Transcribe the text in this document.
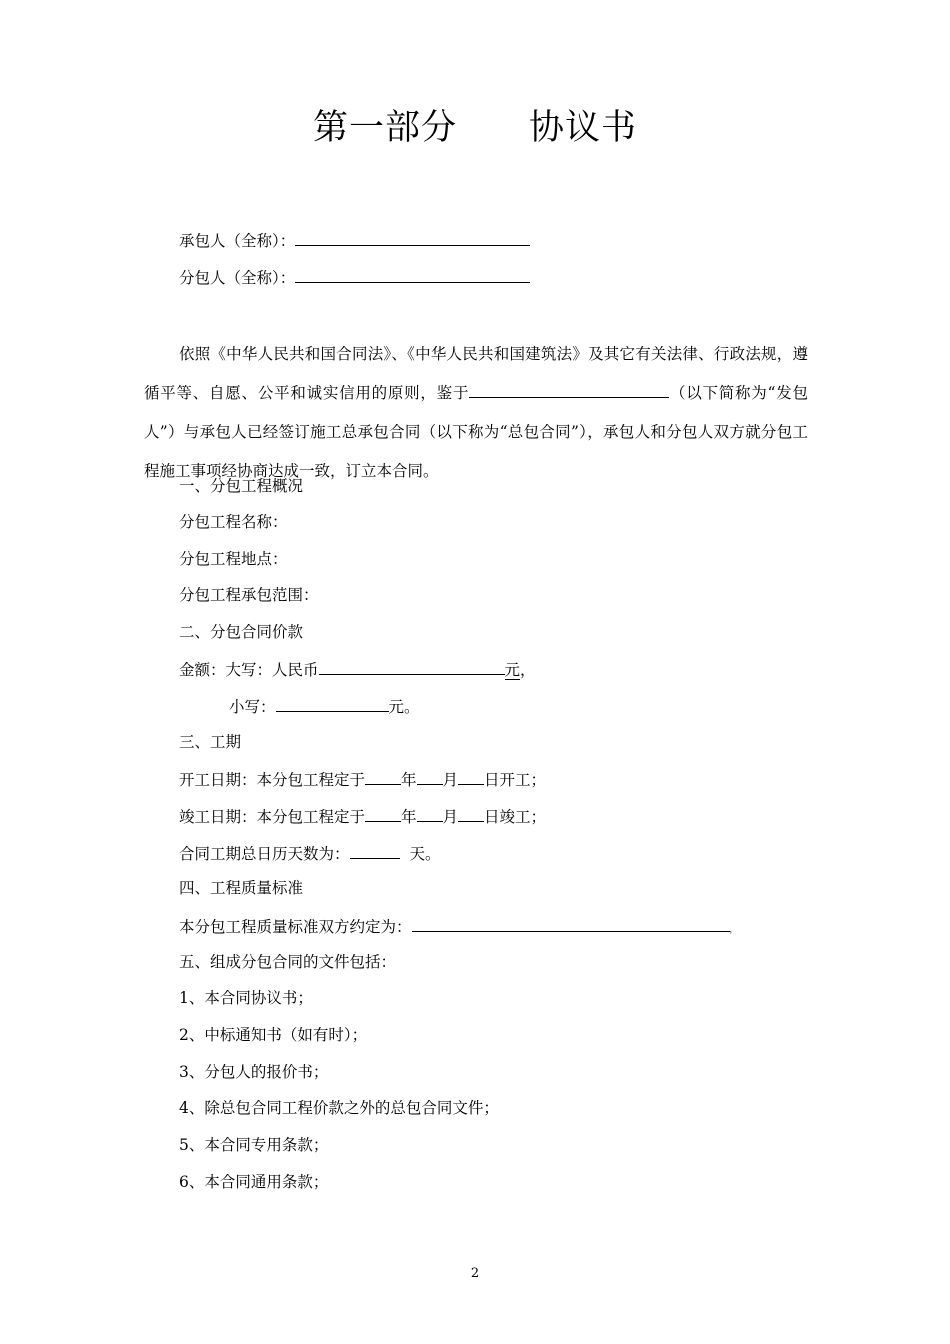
第一部分 协议书
承包人（全称）：
分包人（全称）：
依照《中华人民共和国合同法》、《中华人民共和国建筑法》及其它有关法律、行政法规，遵循平等、自愿、公平和诚实信用的原则，鉴于	（以下简称为“发包人”）与承包人已经签订施工总承包合同（以下称为“总包合同”），承包人和分包人双方就分包工程施工事项经协商达成一致，订立本合同。
一、分包工程概况
分包工程名称：
分包工程地点：
分包工程承包范围：
二、分包合同价款
金额：大写：人民币	元，
小写：	元。
三、工期
开工日期：本分包工程定于 年 月 日开工；
竣工日期：本分包工程定于 年 月 日竣工；
合同工期总日历天数为：	天。
四、工程质量标准
本分包工程质量标准双方约定为：	，
五、组成分包合同的文件包括：
1、本合同协议书；
2、中标通知书（如有时）；
3、分包人的报价书；
4、除总包合同工程价款之外的总包合同文件；
5、本合同专用条款；
6、本合同通用条款；
2
